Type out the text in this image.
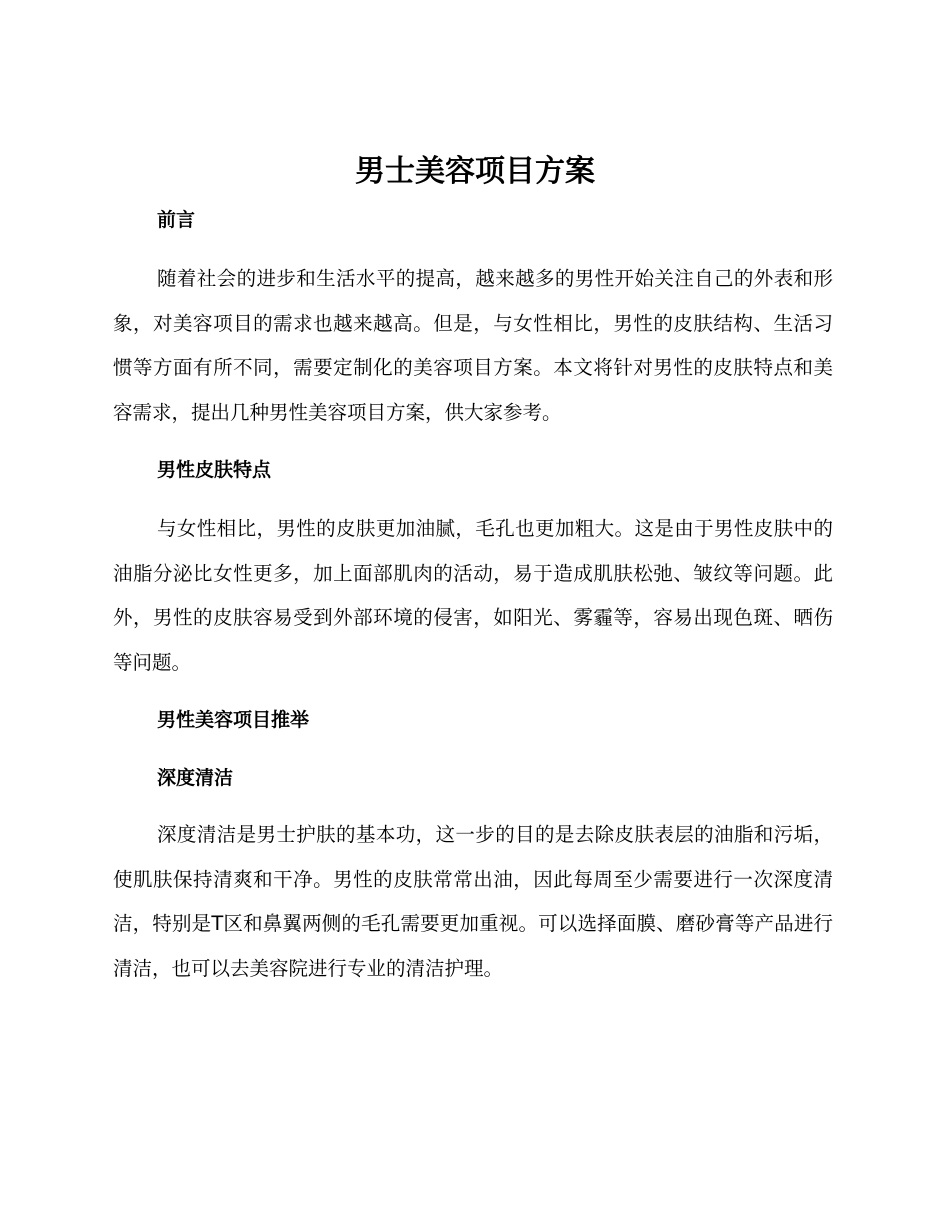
男士美容项目方案
前言

随着社会的进步和生活水平的提高，越来越多的男性开始关注自己的外表和形象，对美容项目的需求也越来越高。但是，与女性相比，男性的皮肤结构、生活习惯等方面有所不同，需要定制化的美容项目方案。本文将针对男性的皮肤特点和美容需求，提出几种男性美容项目方案，供大家参考。

男性皮肤特点

与女性相比，男性的皮肤更加油腻，毛孔也更加粗大。这是由于男性皮肤中的油脂分泌比女性更多，加上面部肌肉的活动，易于造成肌肤松弛、皱纹等问题。此外，男性的皮肤容易受到外部环境的侵害，如阳光、雾霾等，容易出现色斑、晒伤等问题。

男性美容项目推举
深度清洁

深度清洁是男士护肤的基本功，这一步的目的是去除皮肤表层的油脂和污垢，使肌肤保持清爽和干净。男性的皮肤常常出油，因此每周至少需要进行一次深度清洁，特别是T区和鼻翼两侧的毛孔需要更加重视。可以选择面膜、磨砂膏等产品进行清洁，也可以去美容院进行专业的清洁护理。
